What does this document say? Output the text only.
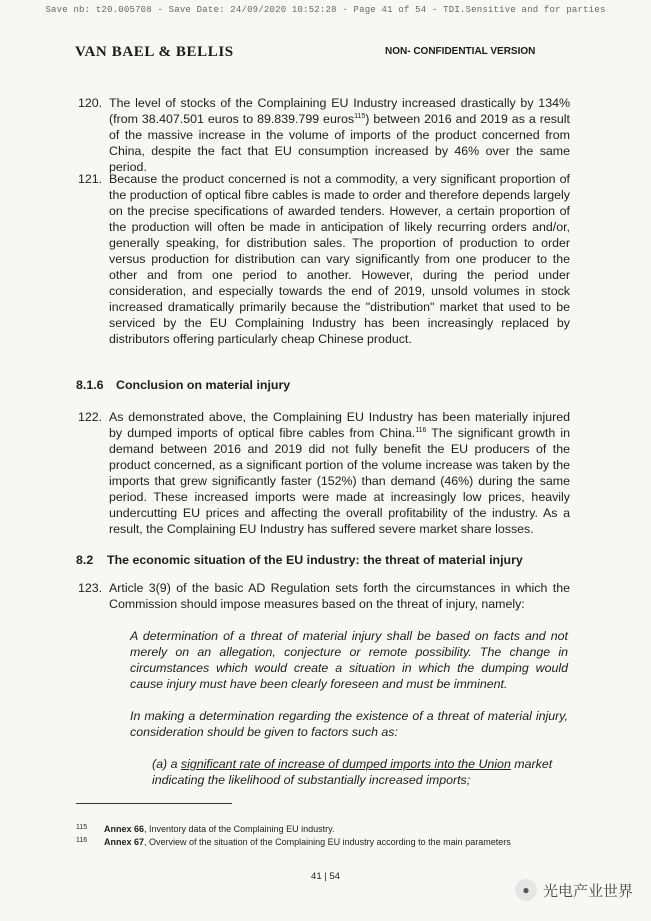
Save nb: t20.005708 - Save Date: 24/09/2020 10:52:28 - Page 41 of 54 - TDI.Sensitive and for parties
VAN BAEL & BELLIS	NON- CONFIDENTIAL VERSION
120. The level of stocks of the Complaining EU Industry increased drastically by 134% (from 38.407.501 euros to 89.839.799 euros$^{115}$) between 2016 and 2019 as a result of the massive increase in the volume of imports of the product concerned from China, despite the fact that EU consumption increased by 46% over the same period.
121. Because the product concerned is not a commodity, a very significant proportion of the production of optical fibre cables is made to order and therefore depends largely on the precise specifications of awarded tenders. However, a certain proportion of the production will often be made in anticipation of likely recurring orders and/or, generally speaking, for distribution sales. The proportion of production to order versus production for distribution can vary significantly from one producer to the other and from one period to another. However, during the period under consideration, and especially towards the end of 2019, unsold volumes in stock increased dramatically primarily because the "distribution" market that used to be serviced by the EU Complaining Industry has been increasingly replaced by distributors offering particularly cheap Chinese product.
8.1.6 Conclusion on material injury
122. As demonstrated above, the Complaining EU Industry has been materially injured by dumped imports of optical fibre cables from China.$^{116}$ The significant growth in demand between 2016 and 2019 did not fully benefit the EU producers of the product concerned, as a significant portion of the volume increase was taken by the imports that grew significantly faster (152%) than demand (46%) during the same period. These increased imports were made at increasingly low prices, heavily undercutting EU prices and affecting the overall profitability of the industry. As a result, the Complaining EU Industry has suffered severe market share losses.
8.2 The economic situation of the EU industry: the threat of material injury
123. Article 3(9) of the basic AD Regulation sets forth the circumstances in which the Commission should impose measures based on the threat of injury, namely:
A determination of a threat of material injury shall be based on facts and not merely on an allegation, conjecture or remote possibility. The change in circumstances which would create a situation in which the dumping would cause injury must have been clearly foreseen and must be imminent.
In making a determination regarding the existence of a threat of material injury, consideration should be given to factors such as:
(a) a significant rate of increase of dumped imports into the Union market indicating the likelihood of substantially increased imports;
115 Annex 66, Inventory data of the Complaining EU industry.
116 Annex 67, Overview of the situation of the Complaining EU industry according to the main parameters
41 | 54
● 光电产业世界
